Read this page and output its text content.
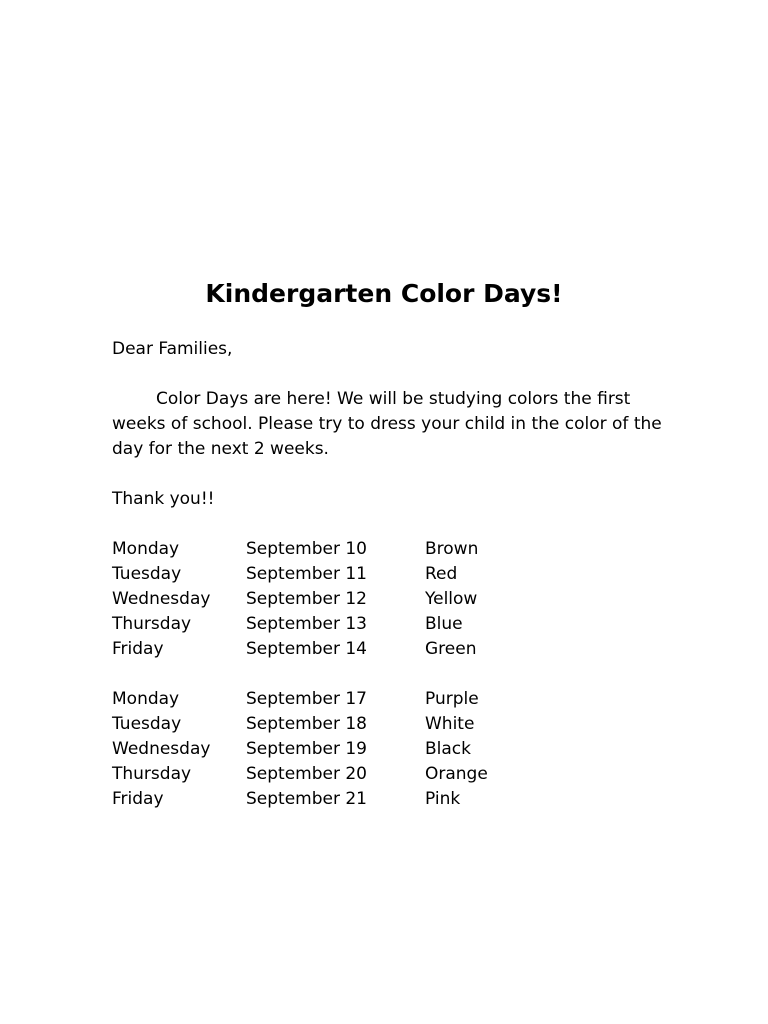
Kindergarten Color Days!

Dear Families,

Color Days are here! We will be studying colors the first
weeks of school. Please try to dress your child in the color of the
day for the next 2 weeks.

Thank you!!

Monday	September 10	Brown
Tuesday	September 11	Red
Wednesday September 12	Yellow
Thursday	September 13	Blue
Friday	September 14	Green
Monday	September 17	Purple
Tuesday	September 18	White
Wednesday September 19	Black
Thursday	September 20	Orange
Friday	September 21	Pink
